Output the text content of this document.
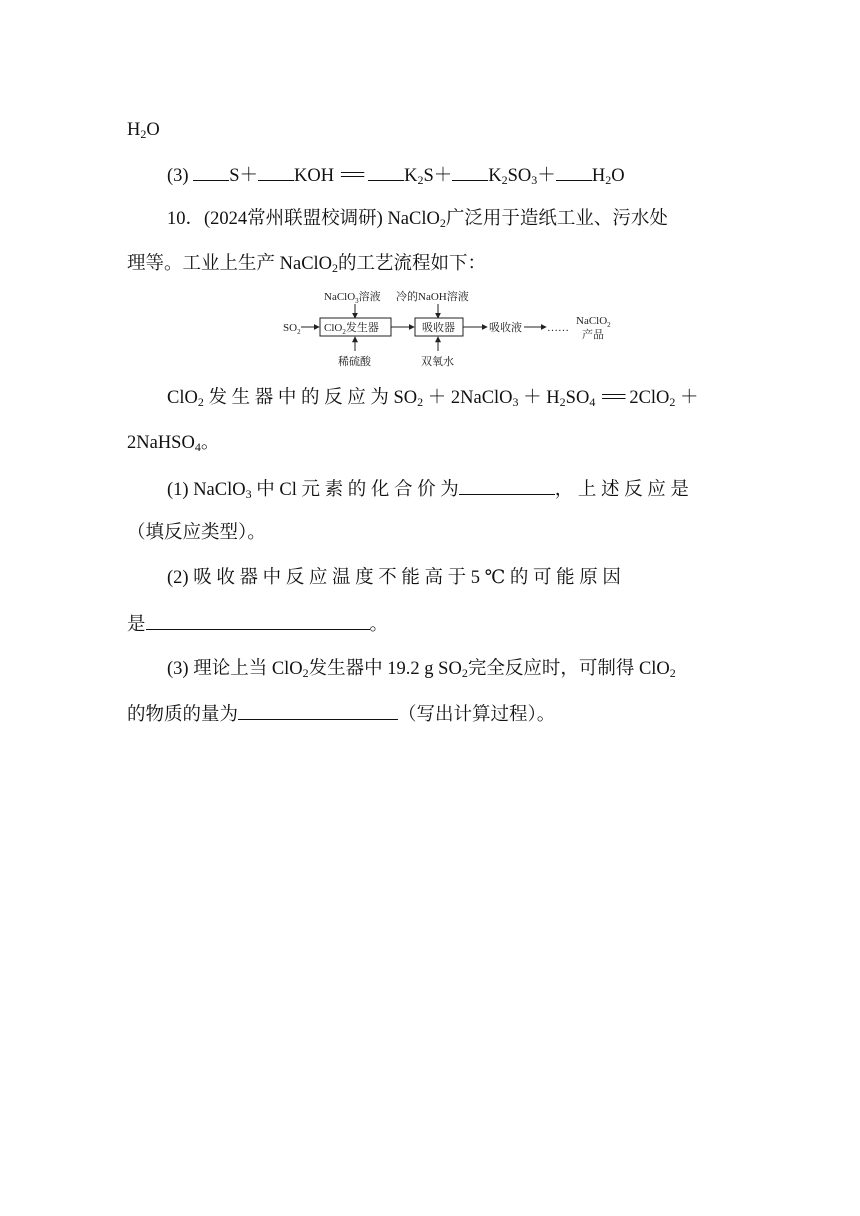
$H_2O$
(3) S＋ KOH === $K_2S+ K_2SO_3+ H_2O$
10．(2024常州联盟校调研) NaClO$_2$广泛用于造纸工业、污水处
理等。工业上生产 NaClO$_2$的工艺流程如下：
NaClO$_3$溶液 冷的NaOH溶液
$SO_2$ ClO$_2$发生器	吸收器	吸收液 ……
NaClO$_2$
产品
稀硫酸	双氧水
ClO$_2$ 发 生 器 中 的 反 应 为 $SO_2$ ＋ 2NaClO$_3$ ＋ $H_2SO_4$ === 2ClO$_2$ ＋
2NaHSO$_4$。
(1) NaClO$_3$ 中 Cl 元 素 的 化 合 价 为	， 上 述 反 应 是
（填反应类型）。
(2) 吸 收 器 中 反 应 温 度 不 能 高 于 5 ℃ 的 可 能 原 因
是	。
(3) 理论上当 ClO$_2$发生器中 19.2 g $SO_2$完全反应时，可制得 ClO$_2$
的物质的量为	（写出计算过程）。
